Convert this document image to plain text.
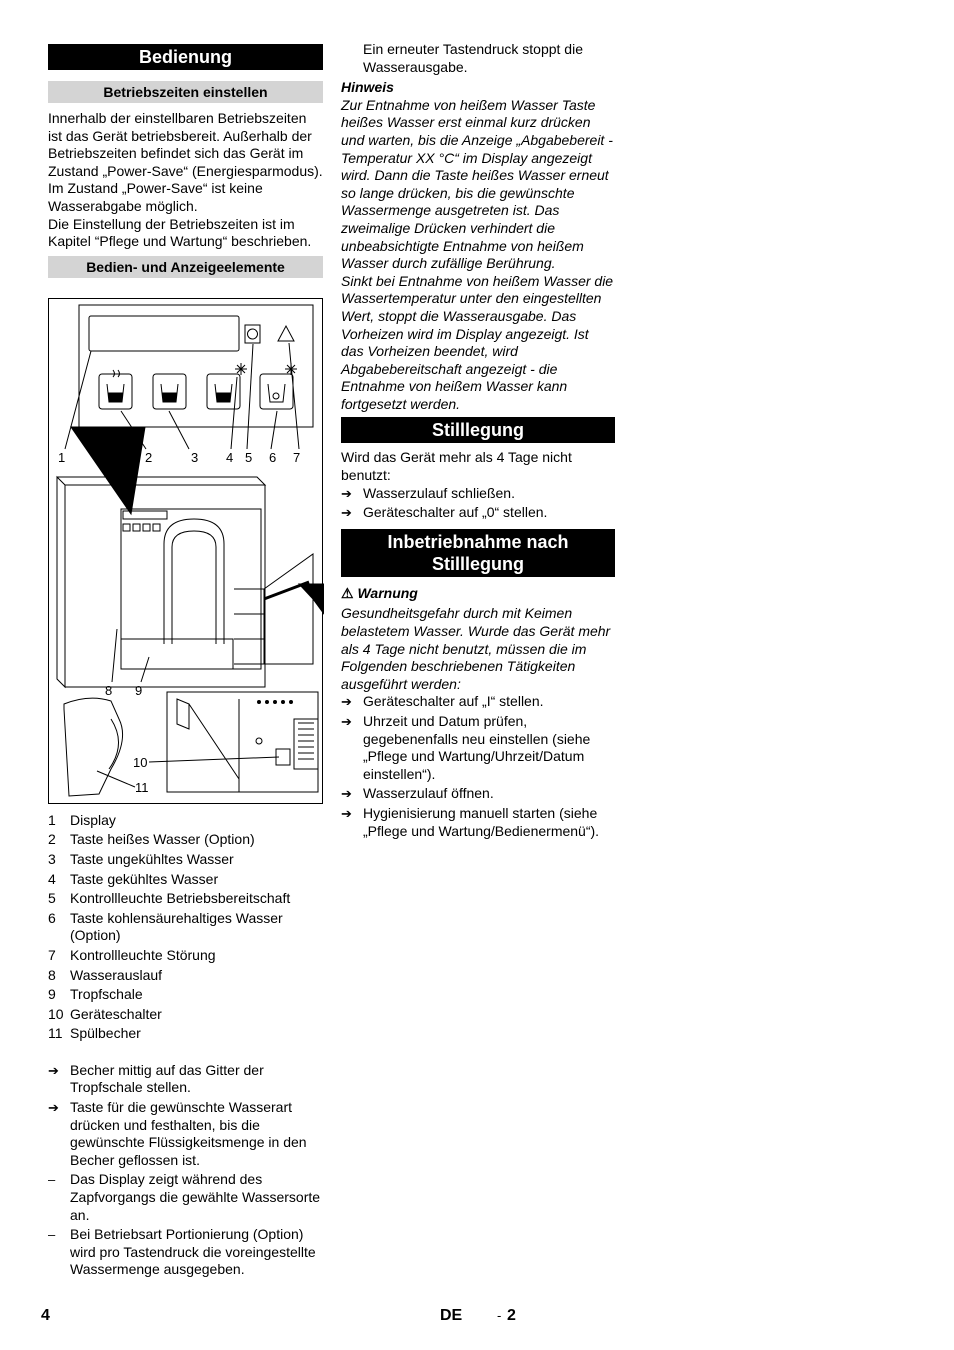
Bedienung
Betriebszeiten einstellen

Innerhalb der einstellbaren Betriebszeiten ist das Gerät betriebsbereit. Außerhalb der Betriebszeiten befindet sich das Gerät im Zustand „Power-Save“ (Energiesparmodus). Im Zustand „Power-Save“ ist keine Wasserabgabe möglich.

Die Einstellung der Betriebszeiten ist im Kapitel “Pflege und Wartung“ beschrieben.

Bedien- und Anzeigeelemente
1	2	3 4 5 6 7
8 9
10
11
1	Display
2	Taste heißes Wasser (Option)
3	Taste ungekühltes Wasser
4	Taste gekühltes Wasser
5	Kontrollleuchte Betriebsbereitschaft
6	Taste kohlensäurehaltiges Wasser (Option)
7	Kontrollleuchte Störung
8	Wasserauslauf
9	Tropfschale
10 Geräteschalter
11 Spülbecher
➔ Becher mittig auf das Gitter der Tropfschale stellen.
➔ Taste für die gewünschte Wasserart drücken und festhalten, bis die gewünschte Flüssigkeitsmenge in den Becher geflossen ist.
–	Das Display zeigt während des Zapfvorgangs die gewählte Wassersorte an.
–	Bei Betriebsart Portionierung (Option) wird pro Tastendruck die voreingestellte Wassermenge ausgegeben.

Ein erneuter Tastendruck stoppt die Wasserausgabe.

Hinweis

Zur Entnahme von heißem Wasser Taste heißes Wasser erst einmal kurz drücken und warten, bis die Anzeige „Abgabebereit - Temperatur XX °C“ im Display angezeigt wird. Dann die Taste heißes Wasser erneut so lange drücken, bis die gewünschte Wassermenge ausgetreten ist. Das zweimalige Drücken verhindert die unbeabsichtigte Entnahme von heißem Wasser durch zufällige Berührung.

Sinkt bei Entnahme von heißem Wasser die Wassertemperatur unter den eingestellten Wert, stoppt die Wasserausgabe. Das Vorheizen wird im Display angezeigt. Ist das Vorheizen beendet, wird Abgabebereitschaft angezeigt - die Entnahme von heißem Wasser kann fortgesetzt werden.

Stilllegung

Wird das Gerät mehr als 4 Tage nicht benutzt:

➔ Wasserzulauf schließen.
➔ Geräteschalter auf „0“ stellen.
Inbetriebnahme nach Stilllegung

⚠ Warnung

Gesundheitsgefahr durch mit Keimen belastetem Wasser. Wurde das Gerät mehr als 4 Tage nicht benutzt, müssen die im Folgenden beschriebenen Tätigkeiten ausgeführt werden:

➔ Geräteschalter auf „I“ stellen.
➔ Uhrzeit und Datum prüfen, gegebenenfalls neu einstellen (siehe „Pflege und Wartung/Uhrzeit/Datum einstellen“).
➔ Wasserzulauf öffnen.
➔ Hygienisierung manuell starten (siehe „Pflege und Wartung/Bedienermenü“).
4	DE	- 2
